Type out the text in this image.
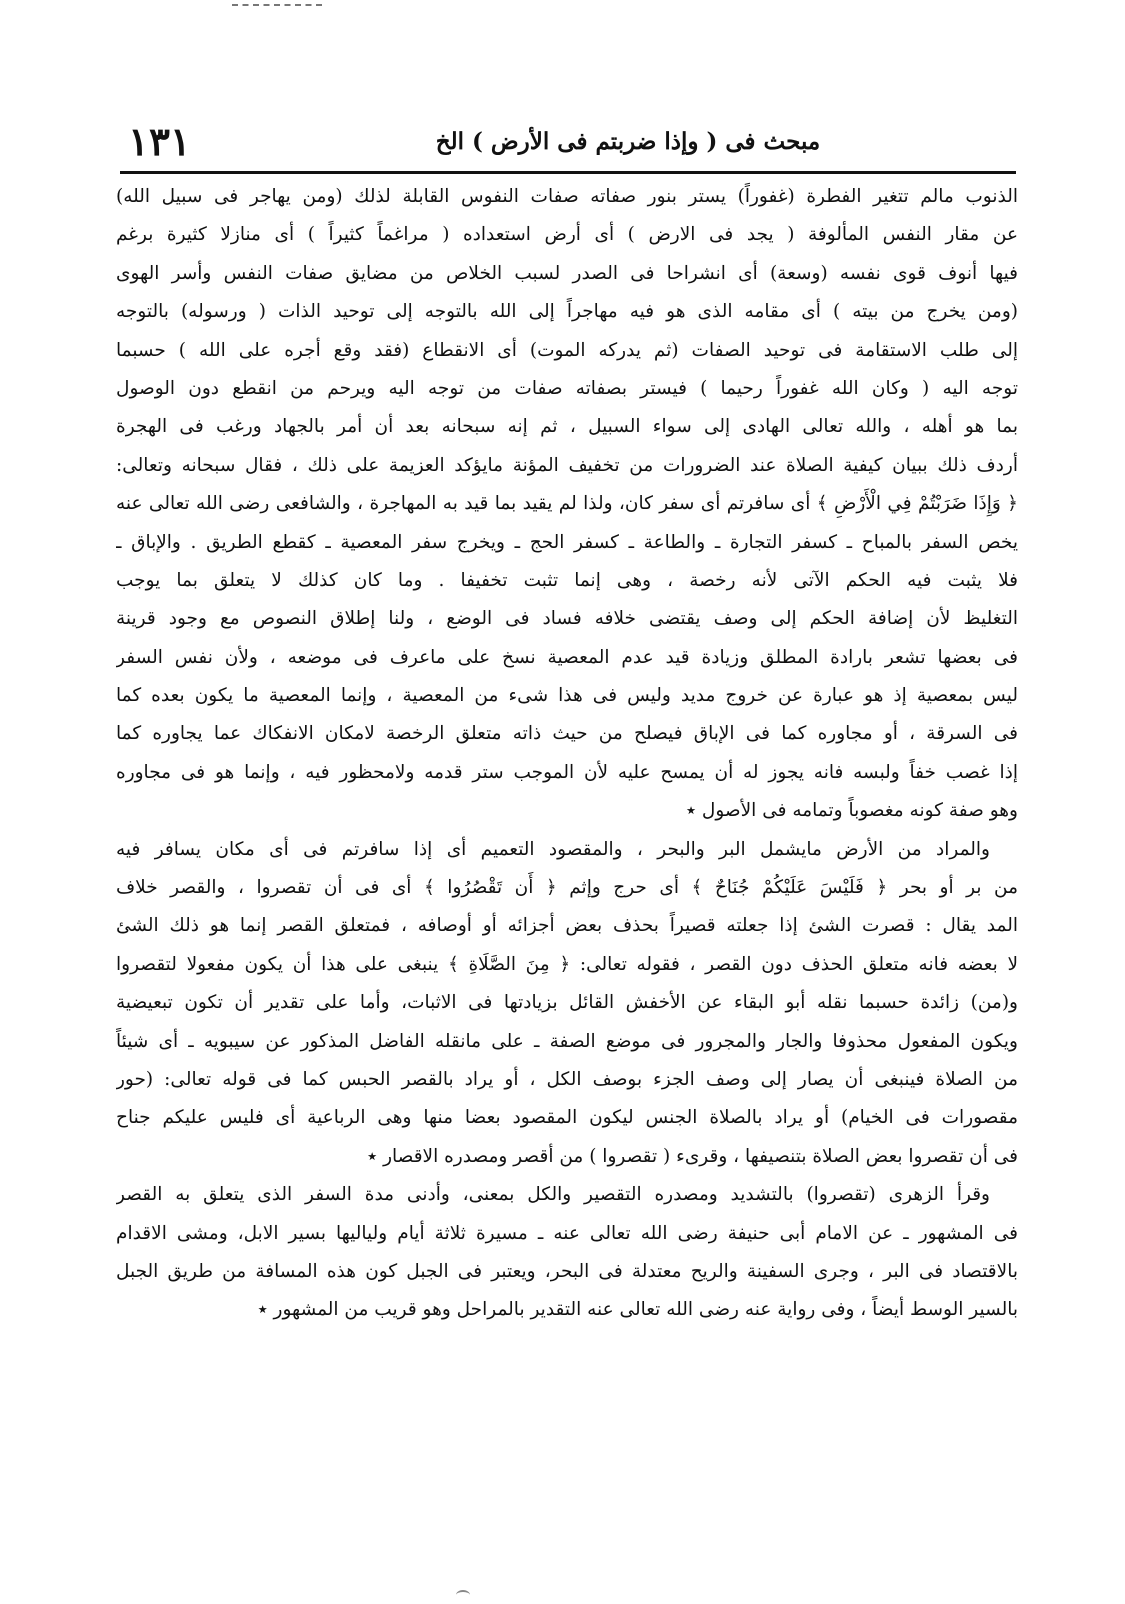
مبحث فى ( وإذا ضربتم فى الأرض ) الخ
١٣١
الذنوب مالم تتغير الفطرة (غفوراً) يستر بنور صفاته صفات النفوس القابلة لذلك (ومن يهاجر فى سبيل الله)
عن مقار النفس المألوفة ( يجد فى الارض ) أى أرض استعداده ( مراغماً كثيراً ) أى منازلا كثيرة برغم
فيها أنوف قوى نفسه (وسعة) أى انشراحا فى الصدر لسبب الخلاص من مضايق صفات النفس وأسر الهوى
(ومن يخرج من بيته ) أى مقامه الذى هو فيه مهاجراً إلى الله بالتوجه إلى توحيد الذات ( ورسوله) بالتوجه
إلى طلب الاستقامة فى توحيد الصفات (ثم يدركه الموت) أى الانقطاع (فقد وقع أجره على الله ) حسبما
توجه اليه ( وكان الله غفوراً رحيما ) فيستر بصفاته صفات من توجه اليه ويرحم من انقطع دون الوصول
بما هو أهله ، والله تعالى الهادى إلى سواء السبيل ، ثم إنه سبحانه بعد أن أمر بالجهاد ورغب فى الهجرة
أردف ذلك ببيان كيفية الصلاة عند الضرورات من تخفيف المؤنة مايؤكد العزيمة على ذلك ، فقال سبحانه وتعالى:
﴿ وَإِذَا ضَرَبْتُمْ فِي الْأَرْضِ ﴾ أى سافرتم أى سفر كان، ولذا لم يقيد بما قيد به المهاجرة ، والشافعى رضى الله تعالى عنه
يخص السفر بالمباح ـ كسفر التجارة ـ والطاعة ـ كسفر الحج ـ ويخرج سفر المعصية ـ كقطع الطريق . والإباق ـ
فلا يثبت فيه الحكم الآتى لأنه رخصة ، وهى إنما تثبت تخفيفا . وما كان كذلك لا يتعلق بما يوجب
التغليظ لأن إضافة الحكم إلى وصف يقتضى خلافه فساد فى الوضع ، ولنا إطلاق النصوص مع وجود قرينة
فى بعضها تشعر بارادة المطلق وزيادة قيد عدم المعصية نسخ على ماعرف فى موضعه ، ولأن نفس السفر
ليس بمعصية إذ هو عبارة عن خروج مديد وليس فى هذا شىء من المعصية ، وإنما المعصية ما يكون بعده كما
فى السرقة ، أو مجاوره كما فى الإباق فيصلح من حيث ذاته متعلق الرخصة لامكان الانفكاك عما يجاوره كما
إذا غصب خفاً ولبسه فانه يجوز له أن يمسح عليه لأن الموجب ستر قدمه ولامحظور فيه ، وإنما هو فى مجاوره
وهو صفة كونه مغصوباً وتمامه فى الأصول ٭
والمراد من الأرض مايشمل البر والبحر ، والمقصود التعميم أى إذا سافرتم فى أى مكان يسافر فيه
من بر أو بحر ﴿ فَلَيْسَ عَلَيْكُمْ جُنَاحٌ ﴾ أى حرج وإثم ﴿ أَن تَقْصُرُوا ﴾ أى فى أن تقصروا ، والقصر خلاف
المد يقال : قصرت الشئ إذا جعلته قصيراً بحذف بعض أجزائه أو أوصافه ، فمتعلق القصر إنما هو ذلك الشئ
لا بعضه فانه متعلق الحذف دون القصر ، فقوله تعالى: ﴿ مِنَ الصَّلَاةِ ﴾ ينبغى على هذا أن يكون مفعولا لتقصروا
و(من) زائدة حسبما نقله أبو البقاء عن الأخفش القائل بزيادتها فى الاثبات، وأما على تقدير أن تكون تبعيضية
ويكون المفعول محذوفا والجار والمجرور فى موضع الصفة ـ على مانقله الفاضل المذكور عن سيبويه ـ أى شيئاً
من الصلاة فينبغى أن يصار إلى وصف الجزء بوصف الكل ، أو يراد بالقصر الحبس كما فى قوله تعالى: (حور
مقصورات فى الخيام) أو يراد بالصلاة الجنس ليكون المقصود بعضا منها وهى الرباعية أى فليس عليكم جناح
فى أن تقصروا بعض الصلاة بتنصيفها ، وقرىء ( تقصروا ) من أقصر ومصدره الاقصار ٭
وقرأ الزهرى (تقصروا) بالتشديد ومصدره التقصير والكل بمعنى، وأدنى مدة السفر الذى يتعلق به القصر
فى المشهور ـ عن الامام أبى حنيفة رضى الله تعالى عنه ـ مسيرة ثلاثة أيام ولياليها بسير الابل، ومشى الاقدام
بالاقتصاد فى البر ، وجرى السفينة والريح معتدلة فى البحر، ويعتبر فى الجبل كون هذه المسافة من طريق الجبل
بالسير الوسط أيضاً ، وفى رواية عنه رضى الله تعالى عنه التقدير بالمراحل وهو قريب من المشهور ٭
